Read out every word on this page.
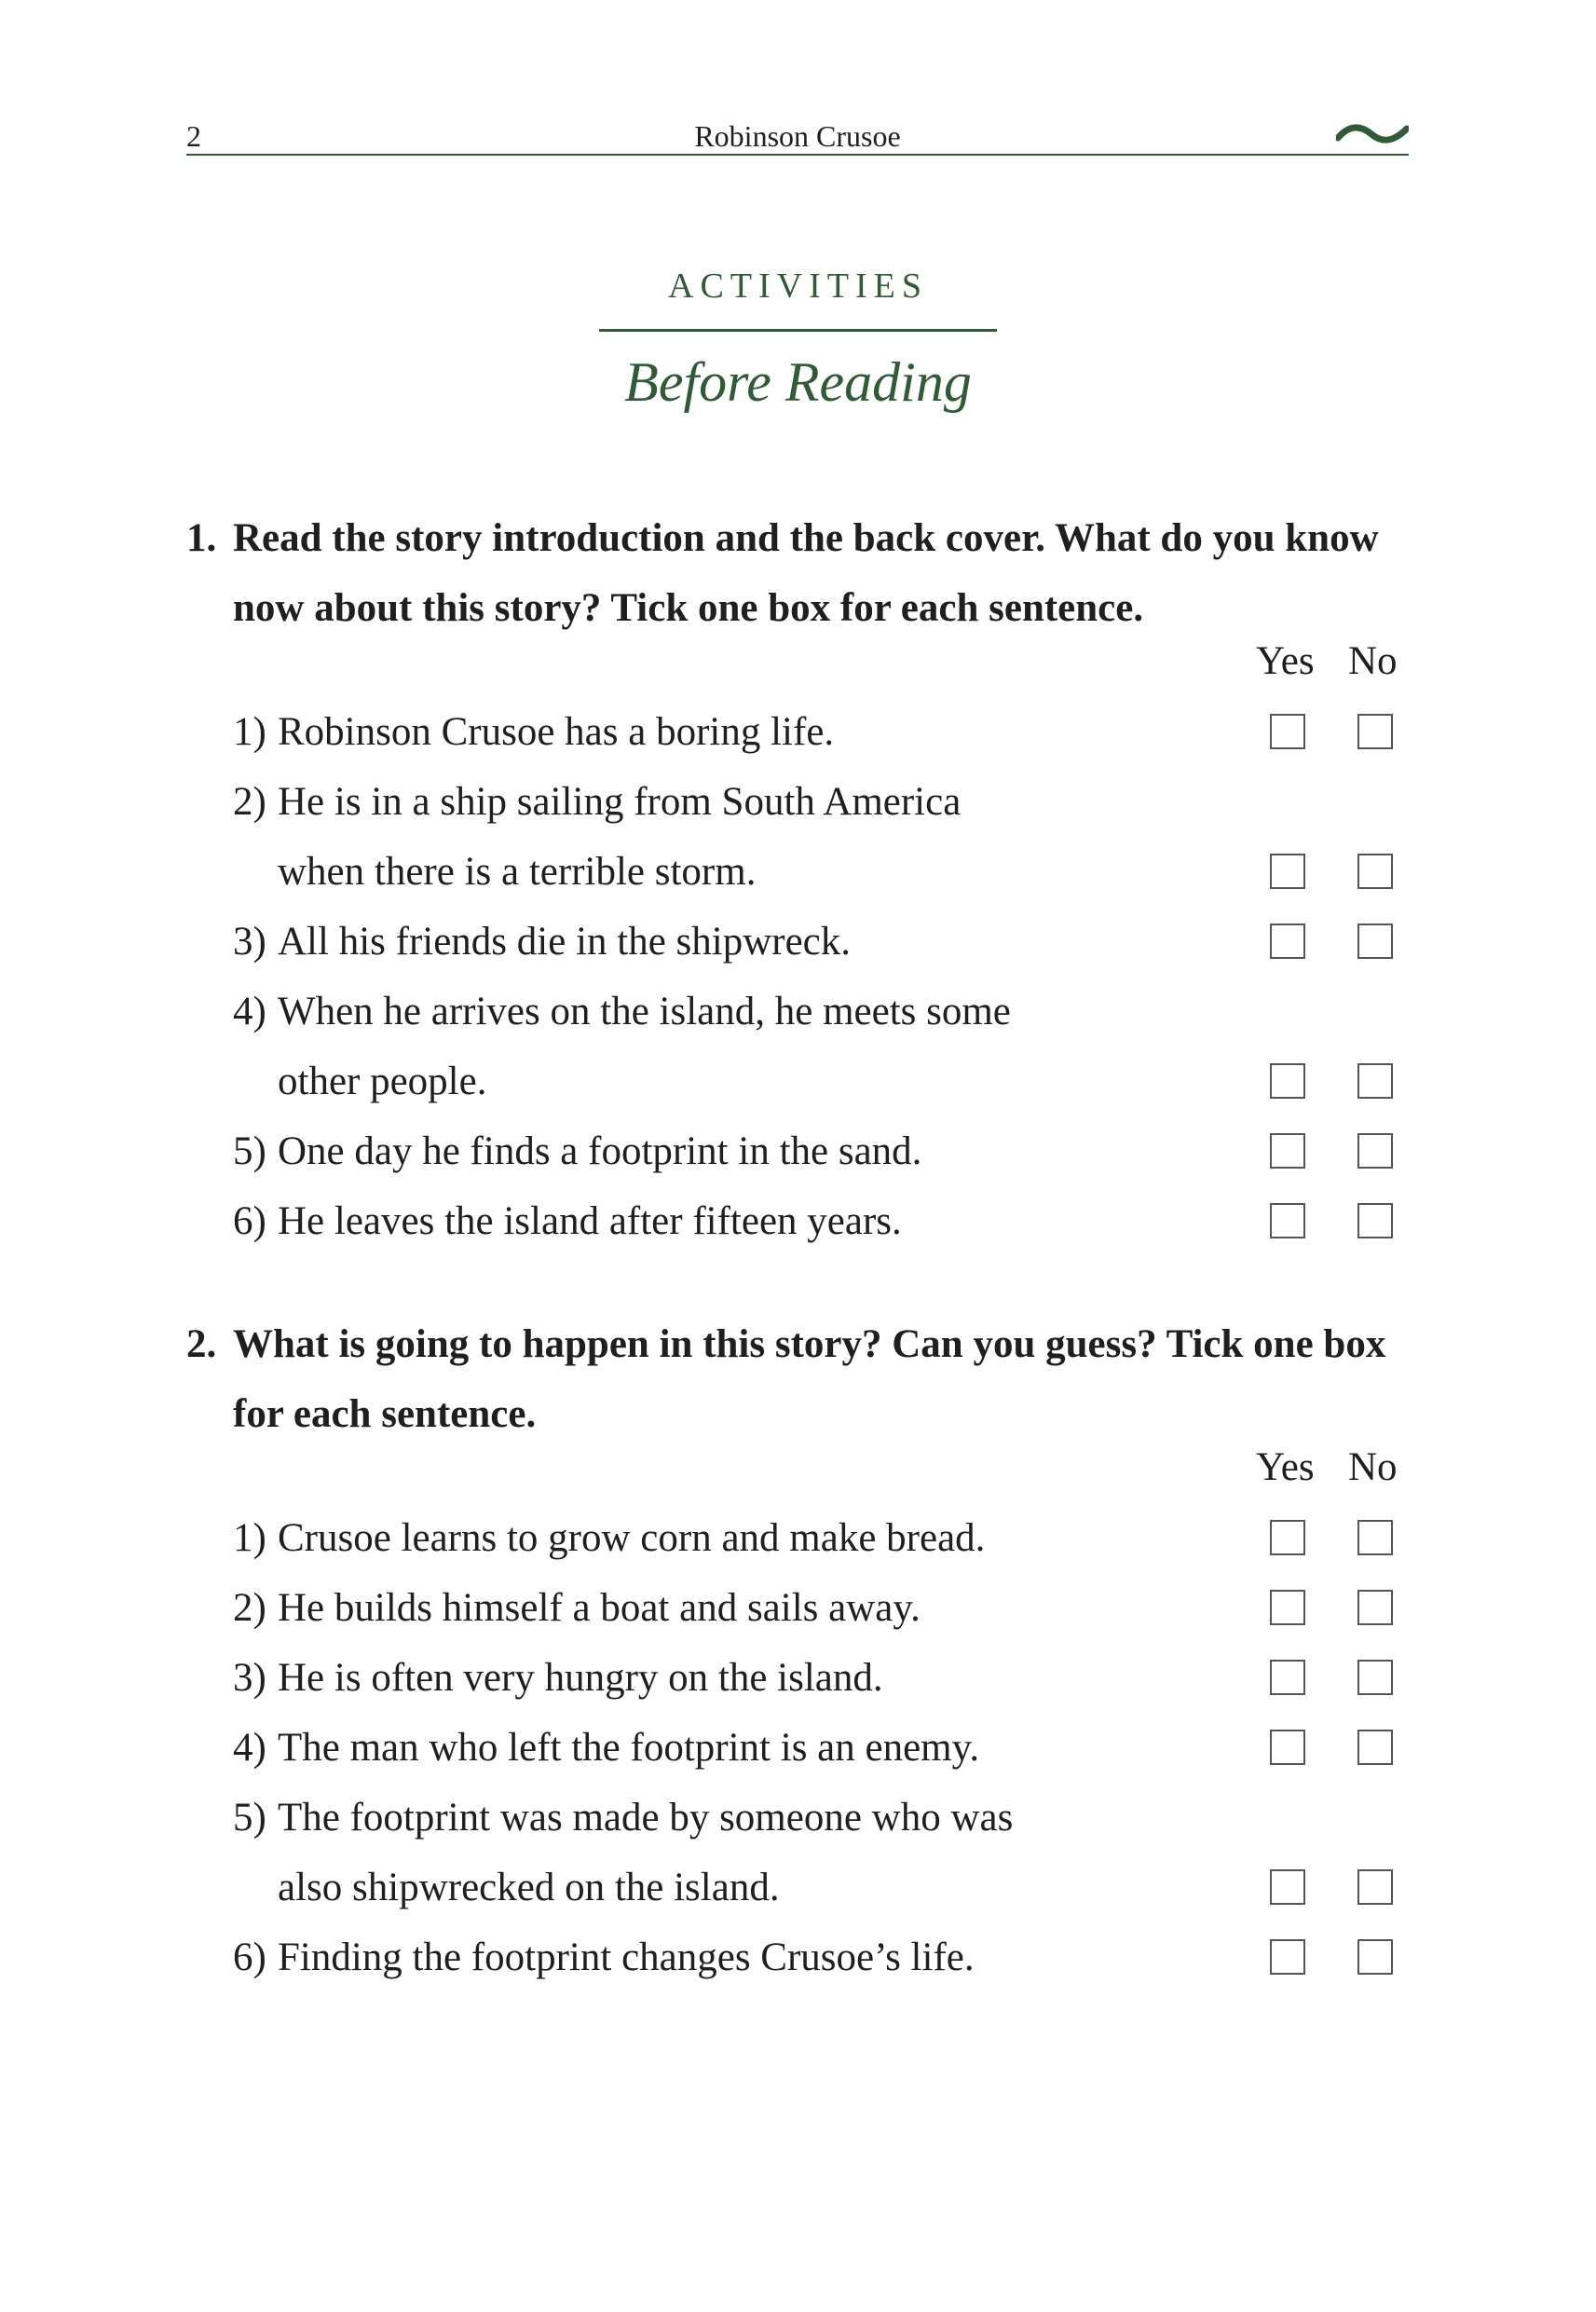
2	Robinson Crusoe
ACTIVITIES
Before Reading
1. Read the story introduction and the back cover. What do you know now about this story? Tick one box for each sentence.
Yes No
1) Robinson Crusoe has a boring life.
2) He is in a ship sailing from South America
when there is a terrible storm.
3) All his friends die in the shipwreck.
4) When he arrives on the island, he meets some
other people.
5) One day he finds a footprint in the sand.
6) He leaves the island after fifteen years.
2. What is going to happen in this story? Can you guess? Tick one box for each sentence.
Yes No
1) Crusoe learns to grow corn and make bread.
2) He builds himself a boat and sails away.
3) He is often very hungry on the island.
4) The man who left the footprint is an enemy.
5) The footprint was made by someone who was
also shipwrecked on the island.
6) Finding the footprint changes Crusoe’s life.
